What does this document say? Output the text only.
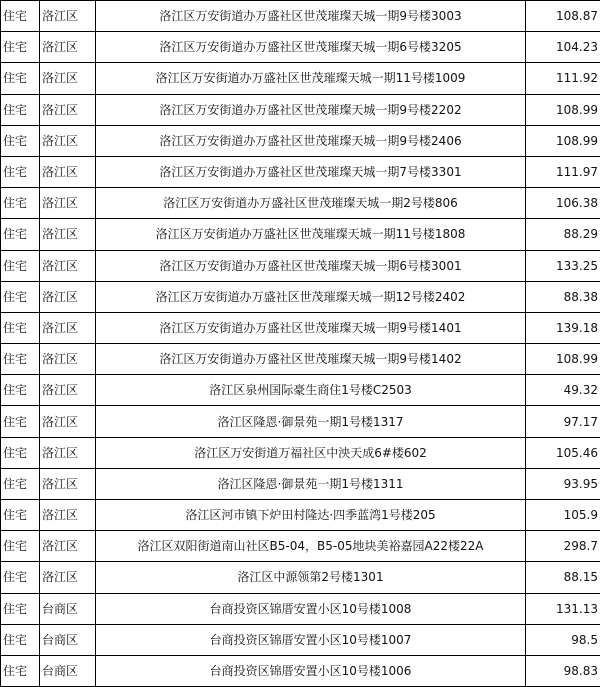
住宅	洛江区	洛江区万安街道办万盛社区世茂璀璨天城一期9号楼3003	108.87
住宅	洛江区	洛江区万安街道办万盛社区世茂璀璨天城一期6号楼3205	104.23
住宅	洛江区	洛江区万安街道办万盛社区世茂璀璨天城一期11号楼1009	111.92
住宅	洛江区	洛江区万安街道办万盛社区世茂璀璨天城一期9号楼2202	108.99
住宅	洛江区	洛江区万安街道办万盛社区世茂璀璨天城一期9号楼2406	108.99
住宅	洛江区	洛江区万安街道办万盛社区世茂璀璨天城一期7号楼3301	111.97
住宅	洛江区	洛江区万安街道办万盛社区世茂璀璨天城一期2号楼806	106.38
住宅	洛江区	洛江区万安街道办万盛社区世茂璀璨天城一期11号楼1808	88.29
住宅	洛江区	洛江区万安街道办万盛社区世茂璀璨天城一期6号楼3001	133.25
住宅	洛江区	洛江区万安街道办万盛社区世茂璀璨天城一期12号楼2402	88.38
住宅	洛江区	洛江区万安街道办万盛社区世茂璀璨天城一期9号楼1401	139.18
住宅	洛江区	洛江区万安街道办万盛社区世茂璀璨天城一期9号楼1402	108.99
住宅	洛江区	洛江区泉州国际豪生商住1号楼C2503	49.32
住宅	洛江区	洛江区隆恩·御景苑一期1号楼1317	97.17
住宅	洛江区	洛江区万安街道万福社区中泱天成6#楼602	105.46
住宅	洛江区	洛江区隆恩·御景苑一期1号楼1311	93.95
住宅	洛江区	洛江区河市镇下炉田村隆达·四季蓝湾1号楼205	105.9
住宅	洛江区	洛江区双阳街道南山社区B5-04，B5-05地块美裕嘉园A22楼22A	298.7
住宅	洛江区	洛江区中源领第2号楼1301	88.15
住宅	台商区	台商投资区锦厝安置小区10号楼1008	131.13
住宅	台商区	台商投资区锦厝安置小区10号楼1007	98.5
住宅	台商区	台商投资区锦厝安置小区10号楼1006	98.83
